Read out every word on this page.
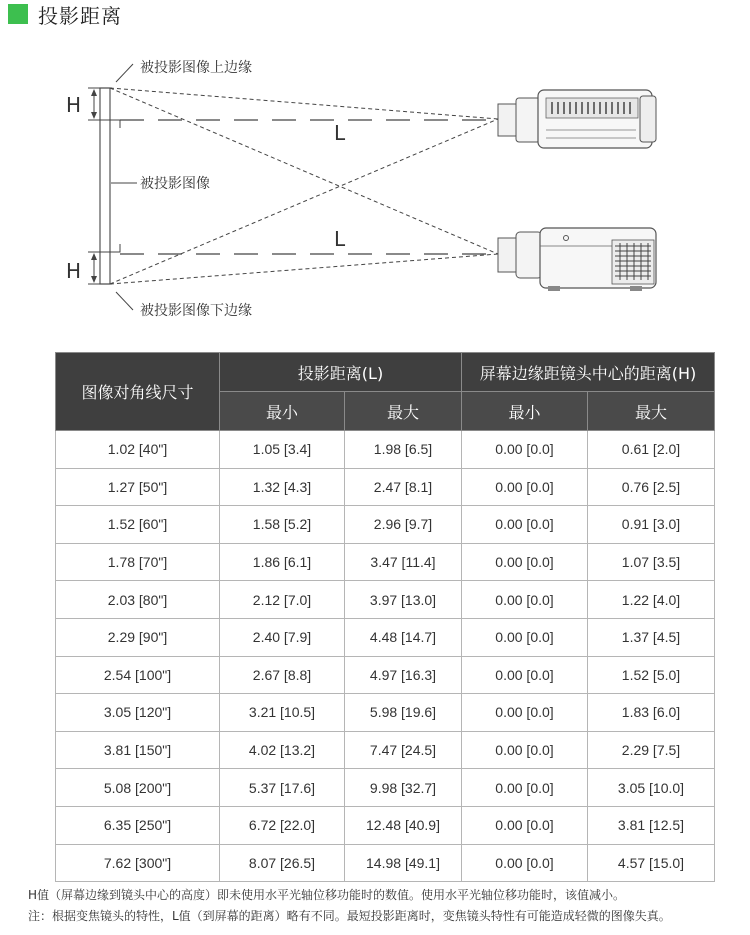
投影距离
被投影图像上边缘
被投影图像
被投影图像下边缘
H
H
L
L
图像对角线尺寸	投影距离(L)		屏幕边缘距镜头中心的距离(H)	
	最小	最大	最小	最大
1.02 [40"]	1.05 [3.4]	1.98 [6.5]	0.00 [0.0]	0.61 [2.0]
1.27 [50"]	1.32 [4.3]	2.47 [8.1]	0.00 [0.0]	0.76 [2.5]
1.52 [60"]	1.58 [5.2]	2.96 [9.7]	0.00 [0.0]	0.91 [3.0]
1.78 [70"]	1.86 [6.1]	3.47 [11.4]	0.00 [0.0]	1.07 [3.5]
2.03 [80"]	2.12 [7.0]	3.97 [13.0]	0.00 [0.0]	1.22 [4.0]
2.29 [90"]	2.40 [7.9]	4.48 [14.7]	0.00 [0.0]	1.37 [4.5]
2.54 [100"]	2.67 [8.8]	4.97 [16.3]	0.00 [0.0]	1.52 [5.0]
3.05 [120"]	3.21 [10.5]	5.98 [19.6]	0.00 [0.0]	1.83 [6.0]
3.81 [150"]	4.02 [13.2]	7.47 [24.5]	0.00 [0.0]	2.29 [7.5]
5.08 [200"]	5.37 [17.6]	9.98 [32.7]	0.00 [0.0]	3.05 [10.0]
6.35 [250"]	6.72 [22.0]	12.48 [40.9]	0.00 [0.0]	3.81 [12.5]
7.62 [300"]	8.07 [26.5]	14.98 [49.1]	0.00 [0.0]	4.57 [15.0]
H值（屏幕边缘到镜头中心的高度）即未使用水平光轴位移功能时的数值。使用水平光轴位移功能时，该值减小。
注：根据变焦镜头的特性，L值（到屏幕的距离）略有不同。最短投影距离时，变焦镜头特性有可能造成轻微的图像失真。
